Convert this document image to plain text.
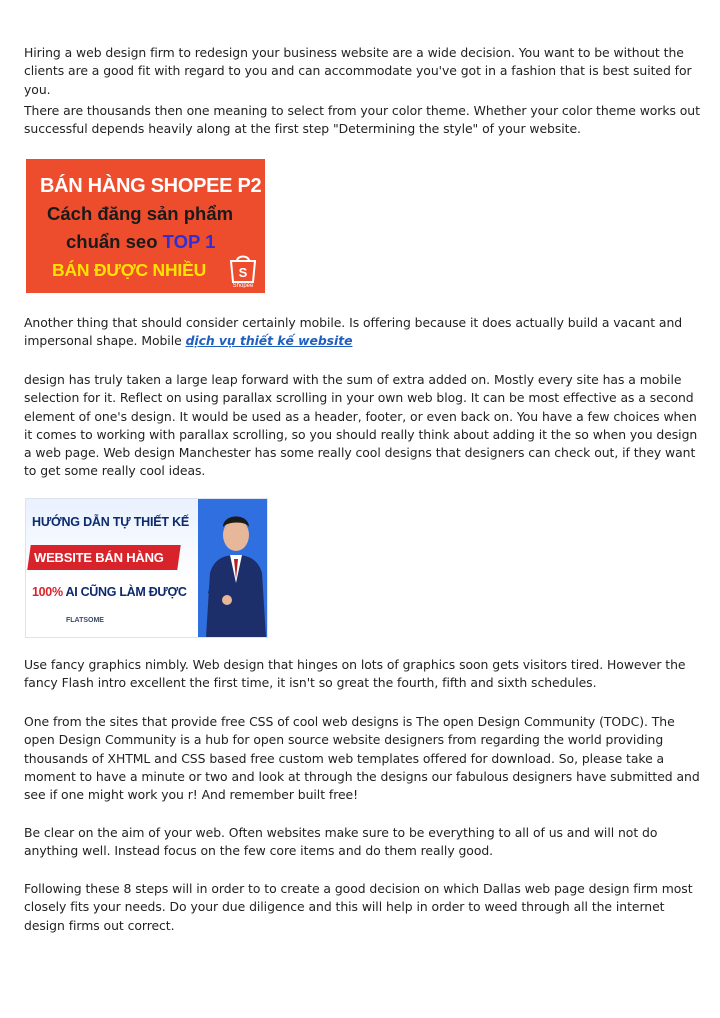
Hiring a web design firm to redesign your business website are a wide decision. You want to be without the clients are a good fit with regard to you and can accommodate you've got in a fashion that is best suited for you.

There are thousands then one meaning to select from your color theme. Whether your color theme works out successful depends heavily along at the first step "Determining the style" of your website.

Another thing that should consider certainly mobile. Is offering because it does actually build a vacant and impersonal shape. Mobile dịch vụ thiết kế website

design has truly taken a large leap forward with the sum of extra added on. Mostly every site has a mobile selection for it. Reflect on using parallax scrolling in your own web blog. It can be most effective as a second element of one's design. It would be used as a header, footer, or even back on. You have a few choices when it comes to working with parallax scrolling, so you should really think about adding it the so when you design a web page. Web design Manchester has some really cool designs that designers can check out, if they want to get some really cool ideas.

Use fancy graphics nimbly. Web design that hinges on lots of graphics soon gets visitors tired. However the fancy Flash intro excellent the first time, it isn't so great the fourth, fifth and sixth schedules.

One from the sites that provide free CSS of cool web designs is The open Design Community (TODC). The open Design Community is a hub for open source website designers from regarding the world providing thousands of XHTML and CSS based free custom web templates offered for download. So, please take a moment to have a minute or two and look at through the designs our fabulous designers have submitted and see if one might work you r! And remember built free!

Be clear on the aim of your web. Often websites make sure to be everything to all of us and will not do anything well. Instead focus on the few core items and do them really good.

Following these 8 steps will in order to to create a good decision on which Dallas web page design firm most closely fits your needs. Do your due diligence and this will help in order to weed through all the internet design firms out correct.

BÁN HÀNG SHOPEE P2
Cách đăng sản phẩm
chuẩn seo TOP 1
BÁN ĐƯỢC NHIỀU	S
Shopee
HƯỚNG DẪN TỰ THIẾT KẾ
WEBSITE BÁN HÀNG
100% AI CŨNG LÀM ĐƯỢC
FLATSOME
